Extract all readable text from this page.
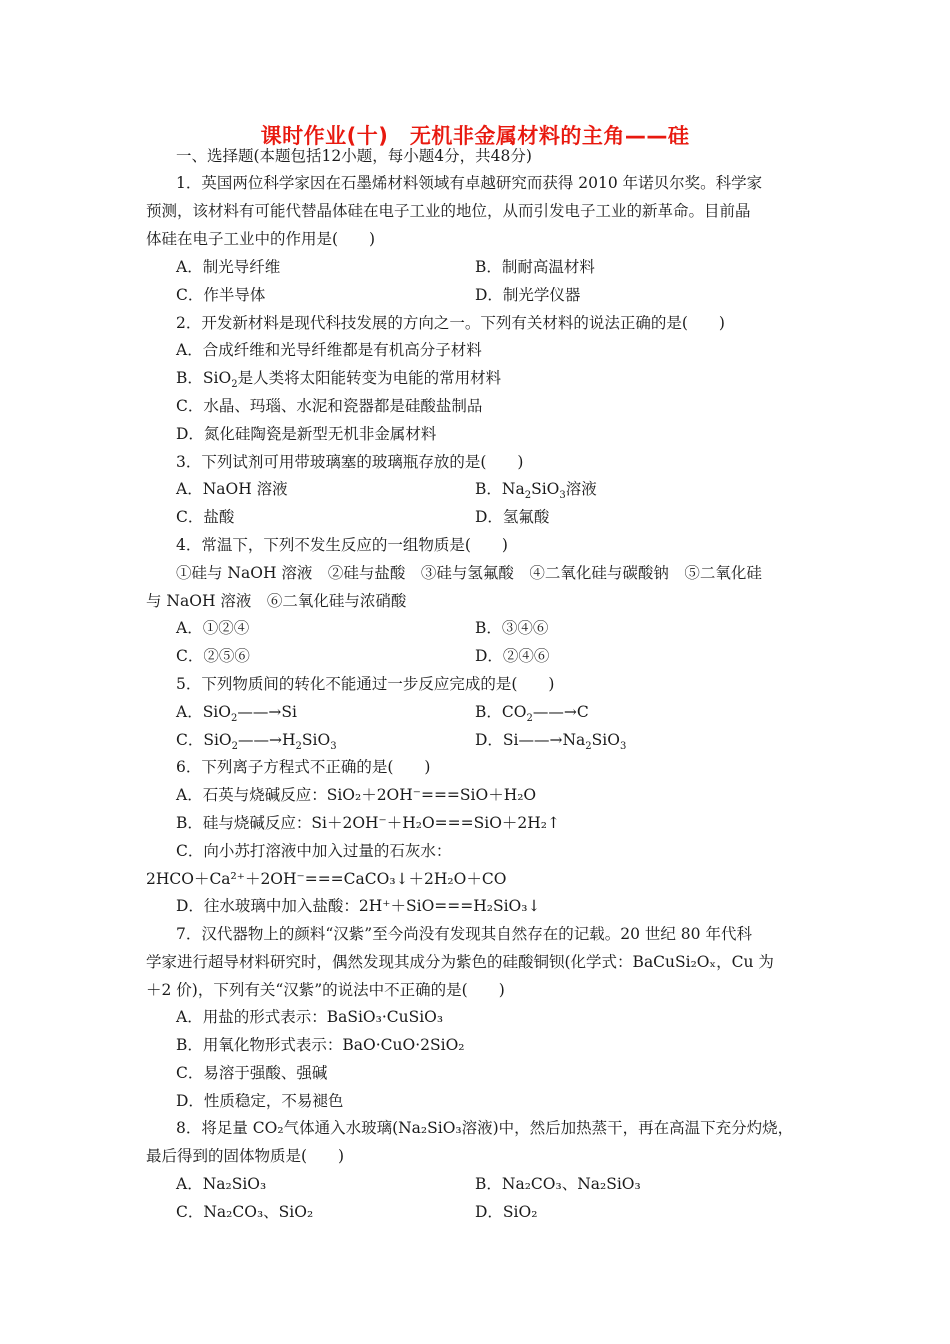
课时作业(十)　无机非金属材料的主角——硅
一、选择题(本题包括12小题，每小题4分，共48分)
1．英国两位科学家因在石墨烯材料领域有卓越研究而获得 2010 年诺贝尔奖。科学家
预测，该材料有可能代替晶体硅在电子工业的地位，从而引发电子工业的新革命。目前晶
体硅在电子工业中的作用是(　　)
A．制光导纤维	B．制耐高温材料
C．作半导体	D．制光学仪器
2．开发新材料是现代科技发展的方向之一。下列有关材料的说法正确的是(　　)
A．合成纤维和光导纤维都是有机高分子材料
B．SiO$_2$是人类将太阳能转变为电能的常用材料
C．水晶、玛瑙、水泥和瓷器都是硅酸盐制品
D．氮化硅陶瓷是新型无机非金属材料
3．下列试剂可用带玻璃塞的玻璃瓶存放的是(　　)
A．NaOH 溶液	B．$Na_2SiO_3$溶液
C．盐酸	D．氢氟酸
4．常温下，下列不发生反应的一组物质是(　　)
①硅与 NaOH 溶液　②硅与盐酸　③硅与氢氟酸　④二氧化硅与碳酸钠　⑤二氧化硅
与 NaOH 溶液　⑥二氧化硅与浓硝酸
A．①②④	B．③④⑥
C．②⑤⑥	D．②④⑥
5．下列物质间的转化不能通过一步反应完成的是(　　)
A．SiO$_2$——→Si	B．$CO_2——\to C$
C．$SiO_2——\to H_2SiO_3$	D．$Si——\to Na_2SiO_3$
6．下列离子方程式不正确的是(　　)
A．石英与烧碱反应：SiO₂＋2OH⁻===SiO＋H₂O
B．硅与烧碱反应：Si＋2OH⁻＋H₂O===SiO＋2H₂↑
C．向小苏打溶液中加入过量的石灰水：
2HCO＋Ca²⁺＋2OH⁻===CaCO₃↓＋2H₂O＋CO
D．往水玻璃中加入盐酸：2H⁺＋SiO===H₂SiO₃↓
7．汉代器物上的颜料“汉紫”至今尚没有发现其自然存在的记载。20 世纪 80 年代科
学家进行超导材料研究时，偶然发现其成分为紫色的硅酸铜钡(化学式：BaCuSi₂Oₓ，Cu 为
＋2 价)，下列有关“汉紫”的说法中不正确的是(　　)
A．用盐的形式表示：BaSiO₃·CuSiO₃
B．用氧化物形式表示：BaO·CuO·2SiO₂
C．易溶于强酸、强碱
D．性质稳定，不易褪色
8．将足量 CO₂气体通入水玻璃(Na₂SiO₃溶液)中，然后加热蒸干，再在高温下充分灼烧，
最后得到的固体物质是(　　)
A．Na₂SiO₃	B．Na₂CO₃、Na₂SiO₃
C．Na₂CO₃、SiO₂	D．SiO₂
